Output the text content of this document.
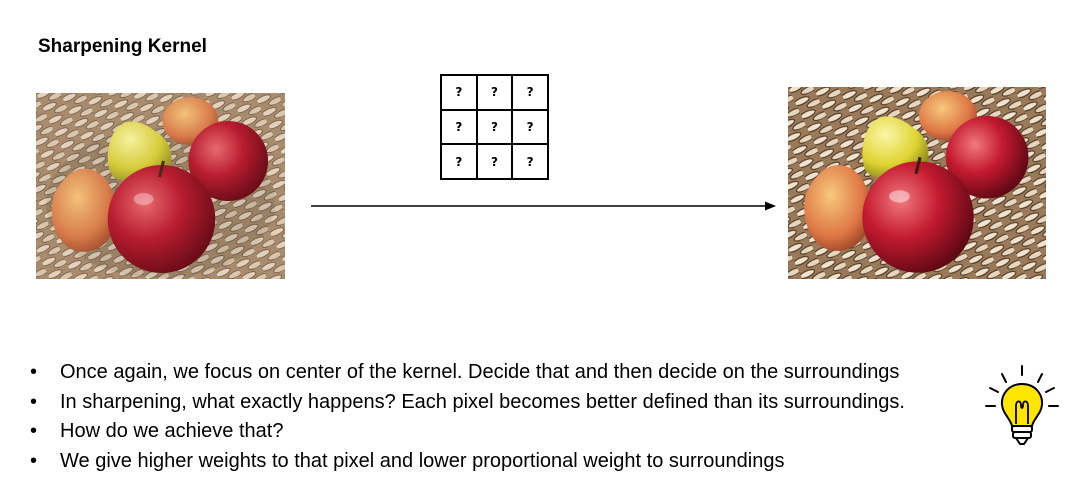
Sharpening Kernel
?	?	?
?	?	?
?	?	?
• Once again, we focus on center of the kernel. Decide that and then decide on the surroundings
• In sharpening, what exactly happens? Each pixel becomes better defined than its surroundings.
• How do we achieve that?
• We give higher weights to that pixel and lower proportional weight to surroundings
